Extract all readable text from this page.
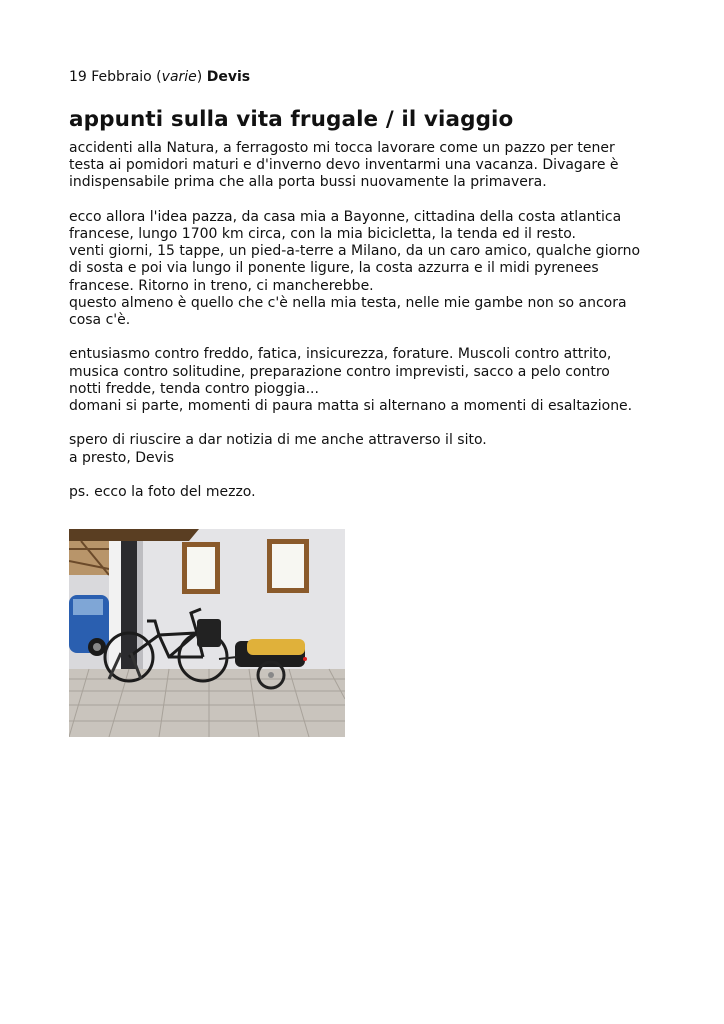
19 Febbraio (varie) Devis
appunti sulla vita frugale / il viaggio

accidenti alla Natura, a ferragosto mi tocca lavorare come un pazzo per tener
testa ai pomidori maturi e d'inverno devo inventarmi una vacanza. Divagare è
indispensabile prima che alla porta bussi nuovamente la primavera.

ecco allora l'idea pazza, da casa mia a Bayonne, cittadina della costa atlantica
francese, lungo 1700 km circa, con la mia bicicletta, la tenda ed il resto.
venti giorni, 15 tappe, un pied-a-terre a Milano, da un caro amico, qualche giorno
di sosta e poi via lungo il ponente ligure, la costa azzurra e il midi pyrenees
francese. Ritorno in treno, ci mancherebbe.
questo almeno è quello che c'è nella mia testa, nelle mie gambe non so ancora
cosa c'è.

entusiasmo contro freddo, fatica, insicurezza, forature. Muscoli contro attrito,
musica contro solitudine, preparazione contro imprevisti, sacco a pelo contro
notti fredde, tenda contro pioggia...
domani si parte, momenti di paura matta si alternano a momenti di esaltazione.

spero di riuscire a dar notizia di me anche attraverso il sito.
a presto, Devis

ps. ecco la foto del mezzo.
